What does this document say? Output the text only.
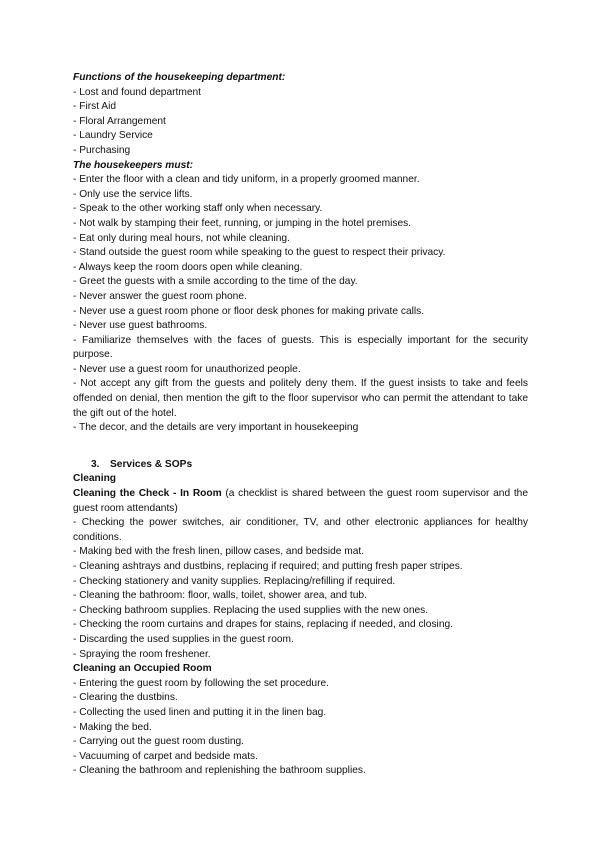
Functions of the housekeeping department:
- Lost and found department
- First Aid
- Floral Arrangement
- Laundry Service
- Purchasing
The housekeepers must:
- Enter the floor with a clean and tidy uniform, in a properly groomed manner.
- Only use the service lifts.
- Speak to the other working staff only when necessary.
- Not walk by stamping their feet, running, or jumping in the hotel premises.
- Eat only during meal hours, not while cleaning.
- Stand outside the guest room while speaking to the guest to respect their privacy.
- Always keep the room doors open while cleaning.
- Greet the guests with a smile according to the time of the day.
- Never answer the guest room phone.
- Never use a guest room phone or floor desk phones for making private calls.
- Never use guest bathrooms.
- Familiarize themselves with the faces of guests. This is especially important for the security purpose.
- Never use a guest room for unauthorized people.
- Not accept any gift from the guests and politely deny them. If the guest insists to take and feels offended on denial, then mention the gift to the floor supervisor who can permit the attendant to take the gift out of the hotel.
- The decor, and the details are very important in housekeeping
3. Services & SOPs
Cleaning
Cleaning the Check - In Room (a checklist is shared between the guest room supervisor and the guest room attendants)
- Checking the power switches, air conditioner, TV, and other electronic appliances for healthy conditions.
- Making bed with the fresh linen, pillow cases, and bedside mat.
- Cleaning ashtrays and dustbins, replacing if required; and putting fresh paper stripes.
- Checking stationery and vanity supplies. Replacing/refilling if required.
- Cleaning the bathroom: floor, walls, toilet, shower area, and tub.
- Checking bathroom supplies. Replacing the used supplies with the new ones.
- Checking the room curtains and drapes for stains, replacing if needed, and closing.
- Discarding the used supplies in the guest room.
- Spraying the room freshener.
Cleaning an Occupied Room
- Entering the guest room by following the set procedure.
- Clearing the dustbins.
- Collecting the used linen and putting it in the linen bag.
- Making the bed.
- Carrying out the guest room dusting.
- Vacuuming of carpet and bedside mats.
- Cleaning the bathroom and replenishing the bathroom supplies.
